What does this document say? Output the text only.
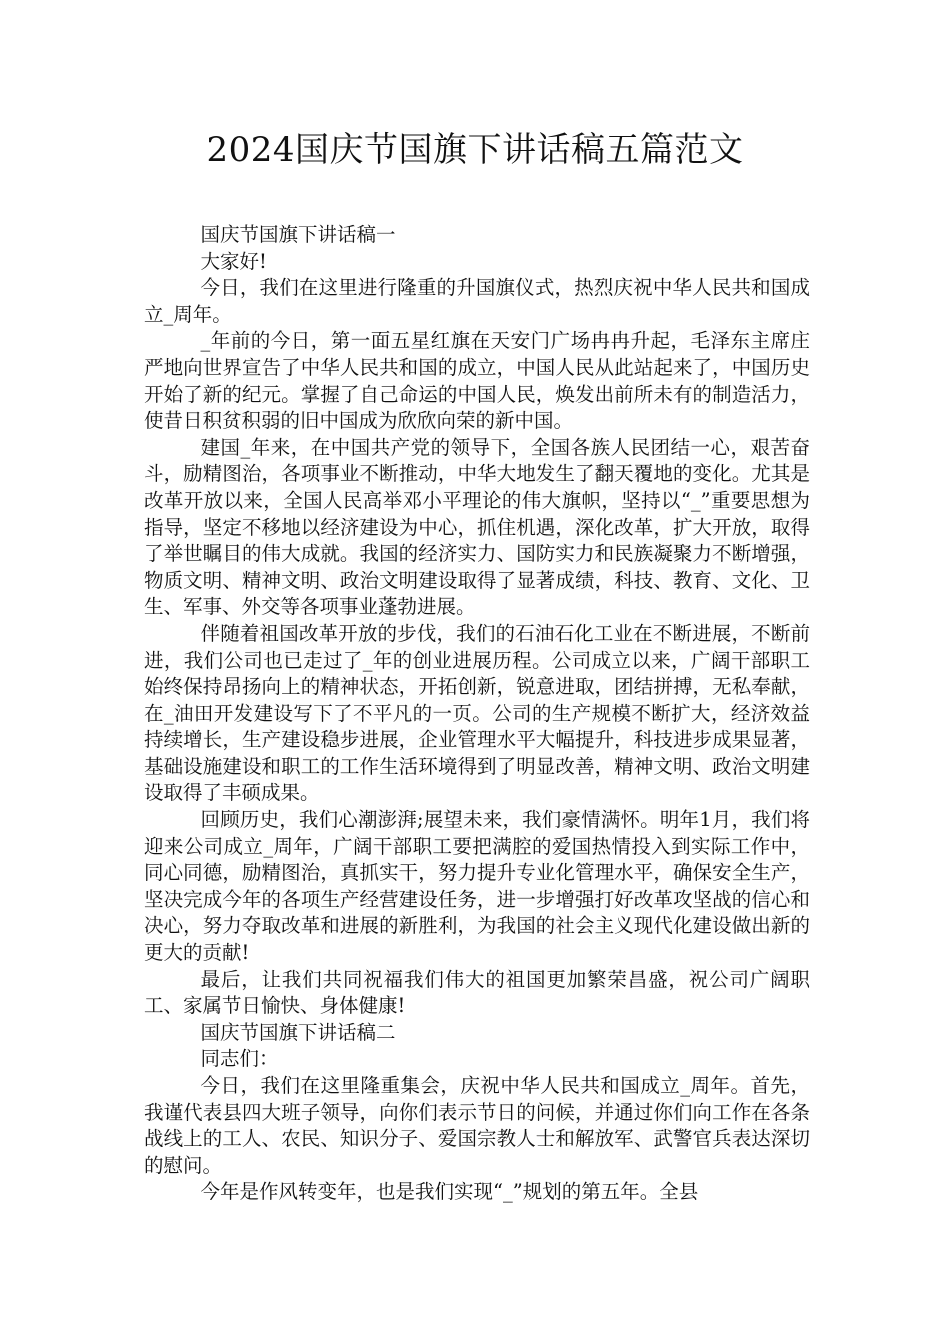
2024国庆节国旗下讲话稿五篇范文

国庆节国旗下讲话稿一

大家好!

今日，我们在这里进行隆重的升国旗仪式，热烈庆祝中华人民共和国成立_周年。

_年前的今日，第一面五星红旗在天安门广场冉冉升起，毛泽东主席庄严地向世界宣告了中华人民共和国的成立，中国人民从此站起来了，中国历史开始了新的纪元。掌握了自己命运的中国人民，焕发出前所未有的制造活力，使昔日积贫积弱的旧中国成为欣欣向荣的新中国。

建国_年来，在中国共产党的领导下，全国各族人民团结一心，艰苦奋斗，励精图治，各项事业不断推动，中华大地发生了翻天覆地的变化。尤其是改革开放以来，全国人民高举邓小平理论的伟大旗帜，坚持以“_”重要思想为指导，坚定不移地以经济建设为中心，抓住机遇，深化改革，扩大开放，取得了举世瞩目的伟大成就。我国的经济实力、国防实力和民族凝聚力不断增强，物质文明、精神文明、政治文明建设取得了显著成绩，科技、教育、文化、卫生、军事、外交等各项事业蓬勃进展。

伴随着祖国改革开放的步伐，我们的石油石化工业在不断进展，不断前进，我们公司也已走过了_年的创业进展历程。公司成立以来，广阔干部职工始终保持昂扬向上的精神状态，开拓创新，锐意进取，团结拼搏，无私奉献，在_油田开发建设写下了不平凡的一页。公司的生产规模不断扩大，经济效益持续增长，生产建设稳步进展，企业管理水平大幅提升，科技进步成果显著，基础设施建设和职工的工作生活环境得到了明显改善，精神文明、政治文明建设取得了丰硕成果。

回顾历史，我们心潮澎湃;展望未来，我们豪情满怀。明年1月，我们将迎来公司成立_周年，广阔干部职工要把满腔的爱国热情投入到实际工作中，同心同德，励精图治，真抓实干，努力提升专业化管理水平，确保安全生产，坚决完成今年的各项生产经营建设任务，进一步增强打好改革攻坚战的信心和决心，努力夺取改革和进展的新胜利，为我国的社会主义现代化建设做出新的更大的贡献!

最后，让我们共同祝福我们伟大的祖国更加繁荣昌盛，祝公司广阔职工、家属节日愉快、身体健康!

国庆节国旗下讲话稿二

同志们：

今日，我们在这里隆重集会，庆祝中华人民共和国成立_周年。首先，我谨代表县四大班子领导，向你们表示节日的问候，并通过你们向工作在各条战线上的工人、农民、知识分子、爱国宗教人士和解放军、武警官兵表达深切的慰问。

今年是作风转变年，也是我们实现“_”规划的第五年。全县
